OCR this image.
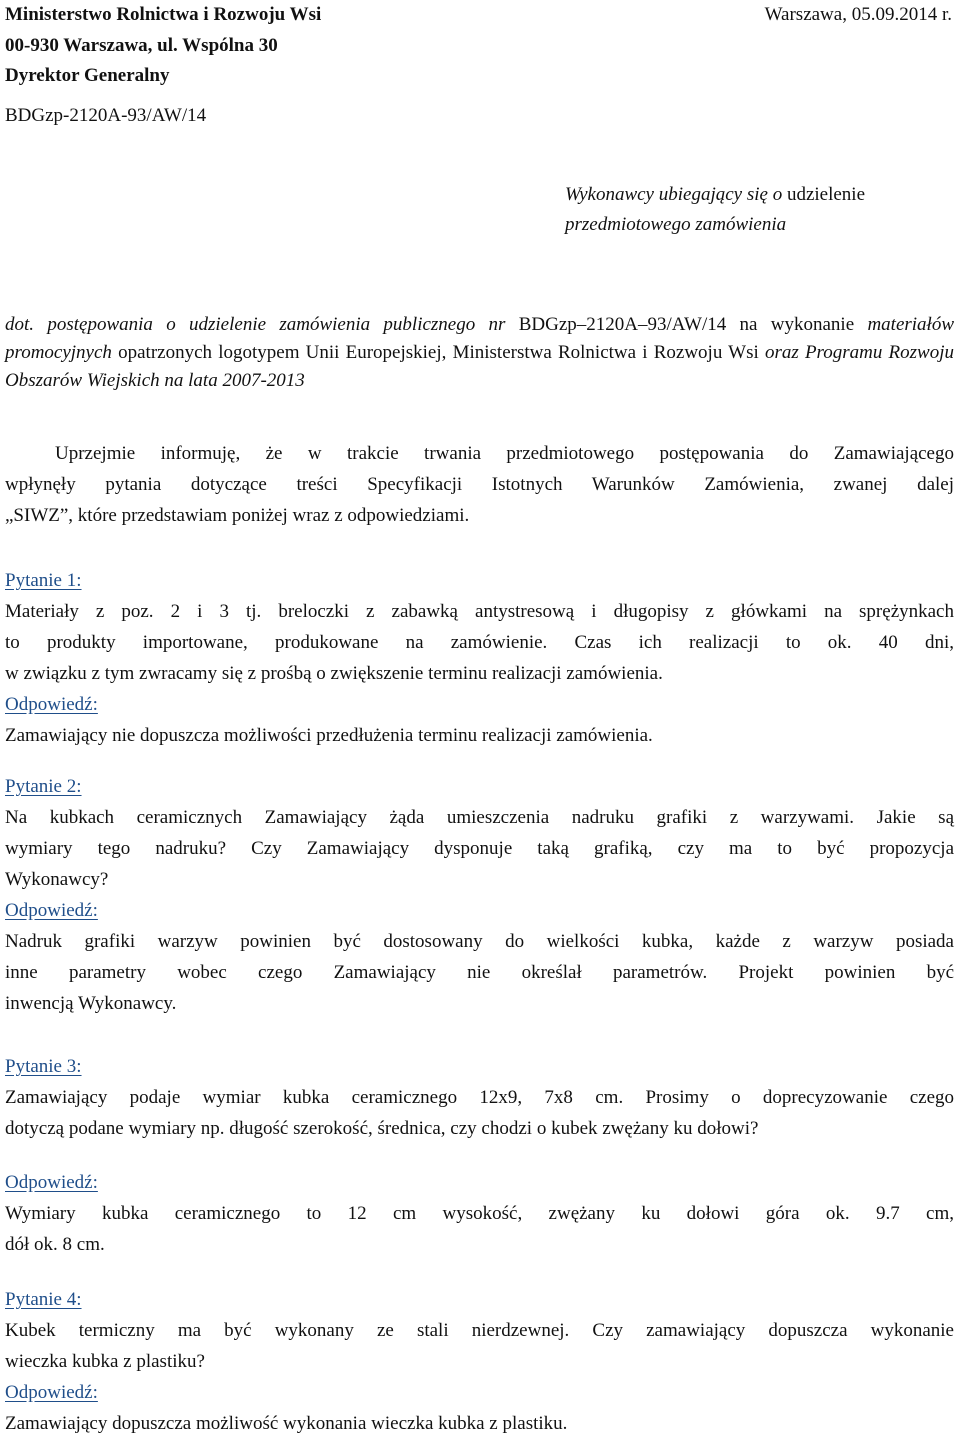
Ministerstwo Rolnictwa i Rozwoju Wsi
00-930 Warszawa, ul. Wspólna 30
Dyrektor Generalny
Warszawa, 05.09.2014 r.
BDGzp-2120A-93/AW/14
Wykonawcy ubiegający się o udzielenie
przedmiotowego zamówienia
dot. postępowania o udzielenie zamówienia publicznego nr BDGzp–2120A–93/AW/14 na wykonanie materiałów promocyjnych opatrzonych logotypem Unii Europejskiej, Ministerstwa Rolnictwa i Rozwoju Wsi oraz Programu Rozwoju Obszarów Wiejskich na lata 2007-2013
Uprzejmie informuję, że w trakcie trwania przedmiotowego postępowania do Zamawiającego
wpłynęły pytania dotyczące treści Specyfikacji Istotnych Warunków Zamówienia, zwanej dalej
„SIWZ”, które przedstawiam poniżej wraz z odpowiedziami.
Pytanie 1:
Materiały z poz. 2 i 3 tj. breloczki z zabawką antystresową i długopisy z główkami na sprężynkach
to produkty importowane, produkowane na zamówienie. Czas ich realizacji to ok. 40 dni,
w związku z tym zwracamy się z prośbą o zwiększenie terminu realizacji zamówienia.
Odpowiedź:
Zamawiający nie dopuszcza możliwości przedłużenia terminu realizacji zamówienia.
Pytanie 2:
Na kubkach ceramicznych Zamawiający żąda umieszczenia nadruku grafiki z warzywami. Jakie są
wymiary tego nadruku? Czy Zamawiający dysponuje taką grafiką, czy ma to być propozycja
Wykonawcy?
Odpowiedź:
Nadruk grafiki warzyw powinien być dostosowany do wielkości kubka, każde z warzyw posiada
inne parametry wobec czego Zamawiający nie określał parametrów. Projekt powinien być
inwencją Wykonawcy.
Pytanie 3:
Zamawiający podaje wymiar kubka ceramicznego 12x9, 7x8 cm. Prosimy o doprecyzowanie czego
dotyczą podane wymiary np. długość szerokość, średnica, czy chodzi o kubek zwężany ku dołowi?
Odpowiedź:
Wymiary kubka ceramicznego to 12 cm wysokość, zwężany ku dołowi góra ok. 9.7 cm,
dół ok. 8 cm.
Pytanie 4:
Kubek termiczny ma być wykonany ze stali nierdzewnej. Czy zamawiający dopuszcza wykonanie
wieczka kubka z plastiku?
Odpowiedź:
Zamawiający dopuszcza możliwość wykonania wieczka kubka z plastiku.
